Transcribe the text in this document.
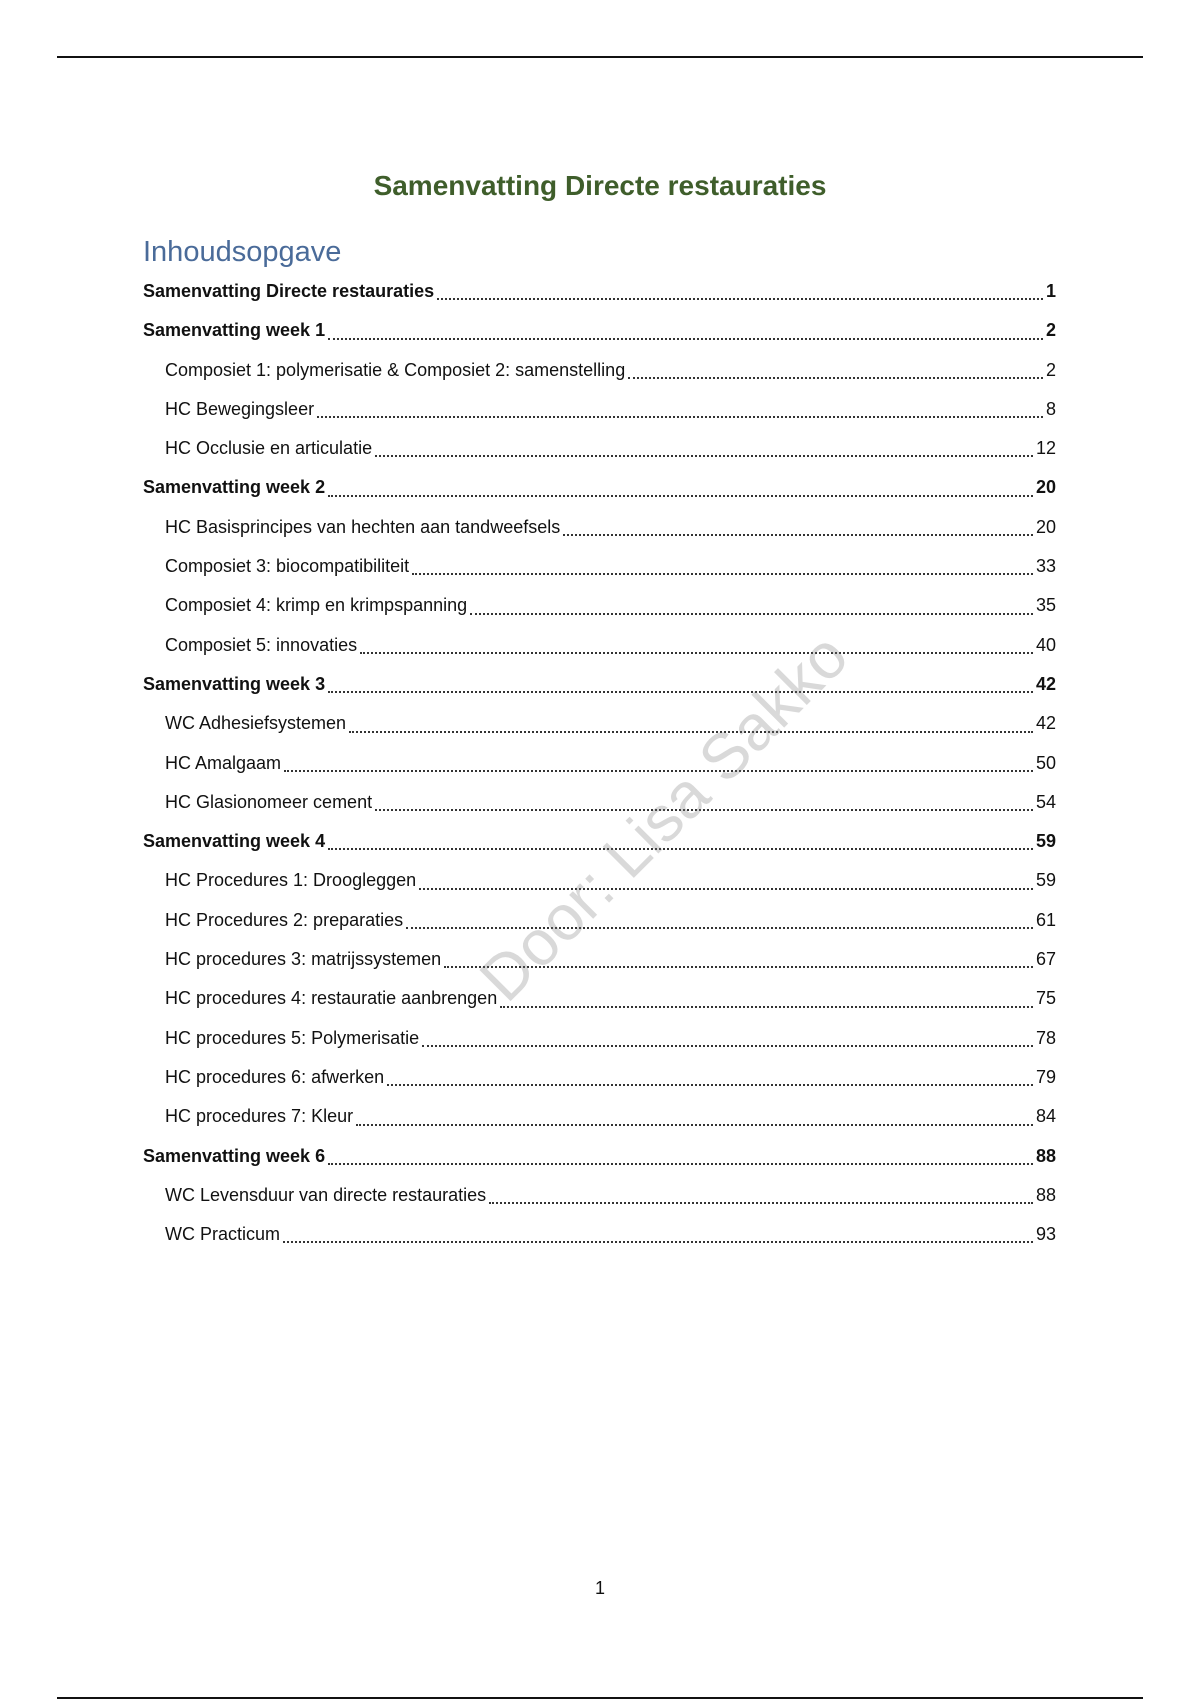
Samenvatting Directe restauraties
Inhoudsopgave
Samenvatting Directe restauraties	1
Samenvatting week 1	2
Composiet 1: polymerisatie & Composiet 2: samenstelling	2
HC Bewegingsleer	8
HC Occlusie en articulatie	12
Samenvatting week 2	20
HC Basisprincipes van hechten aan tandweefsels	20
Composiet 3: biocompatibiliteit	33
Composiet 4: krimp en krimpspanning	35
Composiet 5: innovaties	40
Samenvatting week 3	42
WC Adhesiefsystemen	42
HC Amalgaam	50
HC Glasionomeer cement	54
Samenvatting week 4	59
HC Procedures 1: Droogleggen	59
HC Procedures 2: preparaties	61
HC procedures 3: matrijssystemen	67
HC procedures 4: restauratie aanbrengen	75
HC procedures 5: Polymerisatie	78
HC procedures 6: afwerken	79
HC procedures 7: Kleur	84
Samenvatting week 6	88
WC Levensduur van directe restauraties	88
WC Practicum	93
Door: Lisa Sakko
1
